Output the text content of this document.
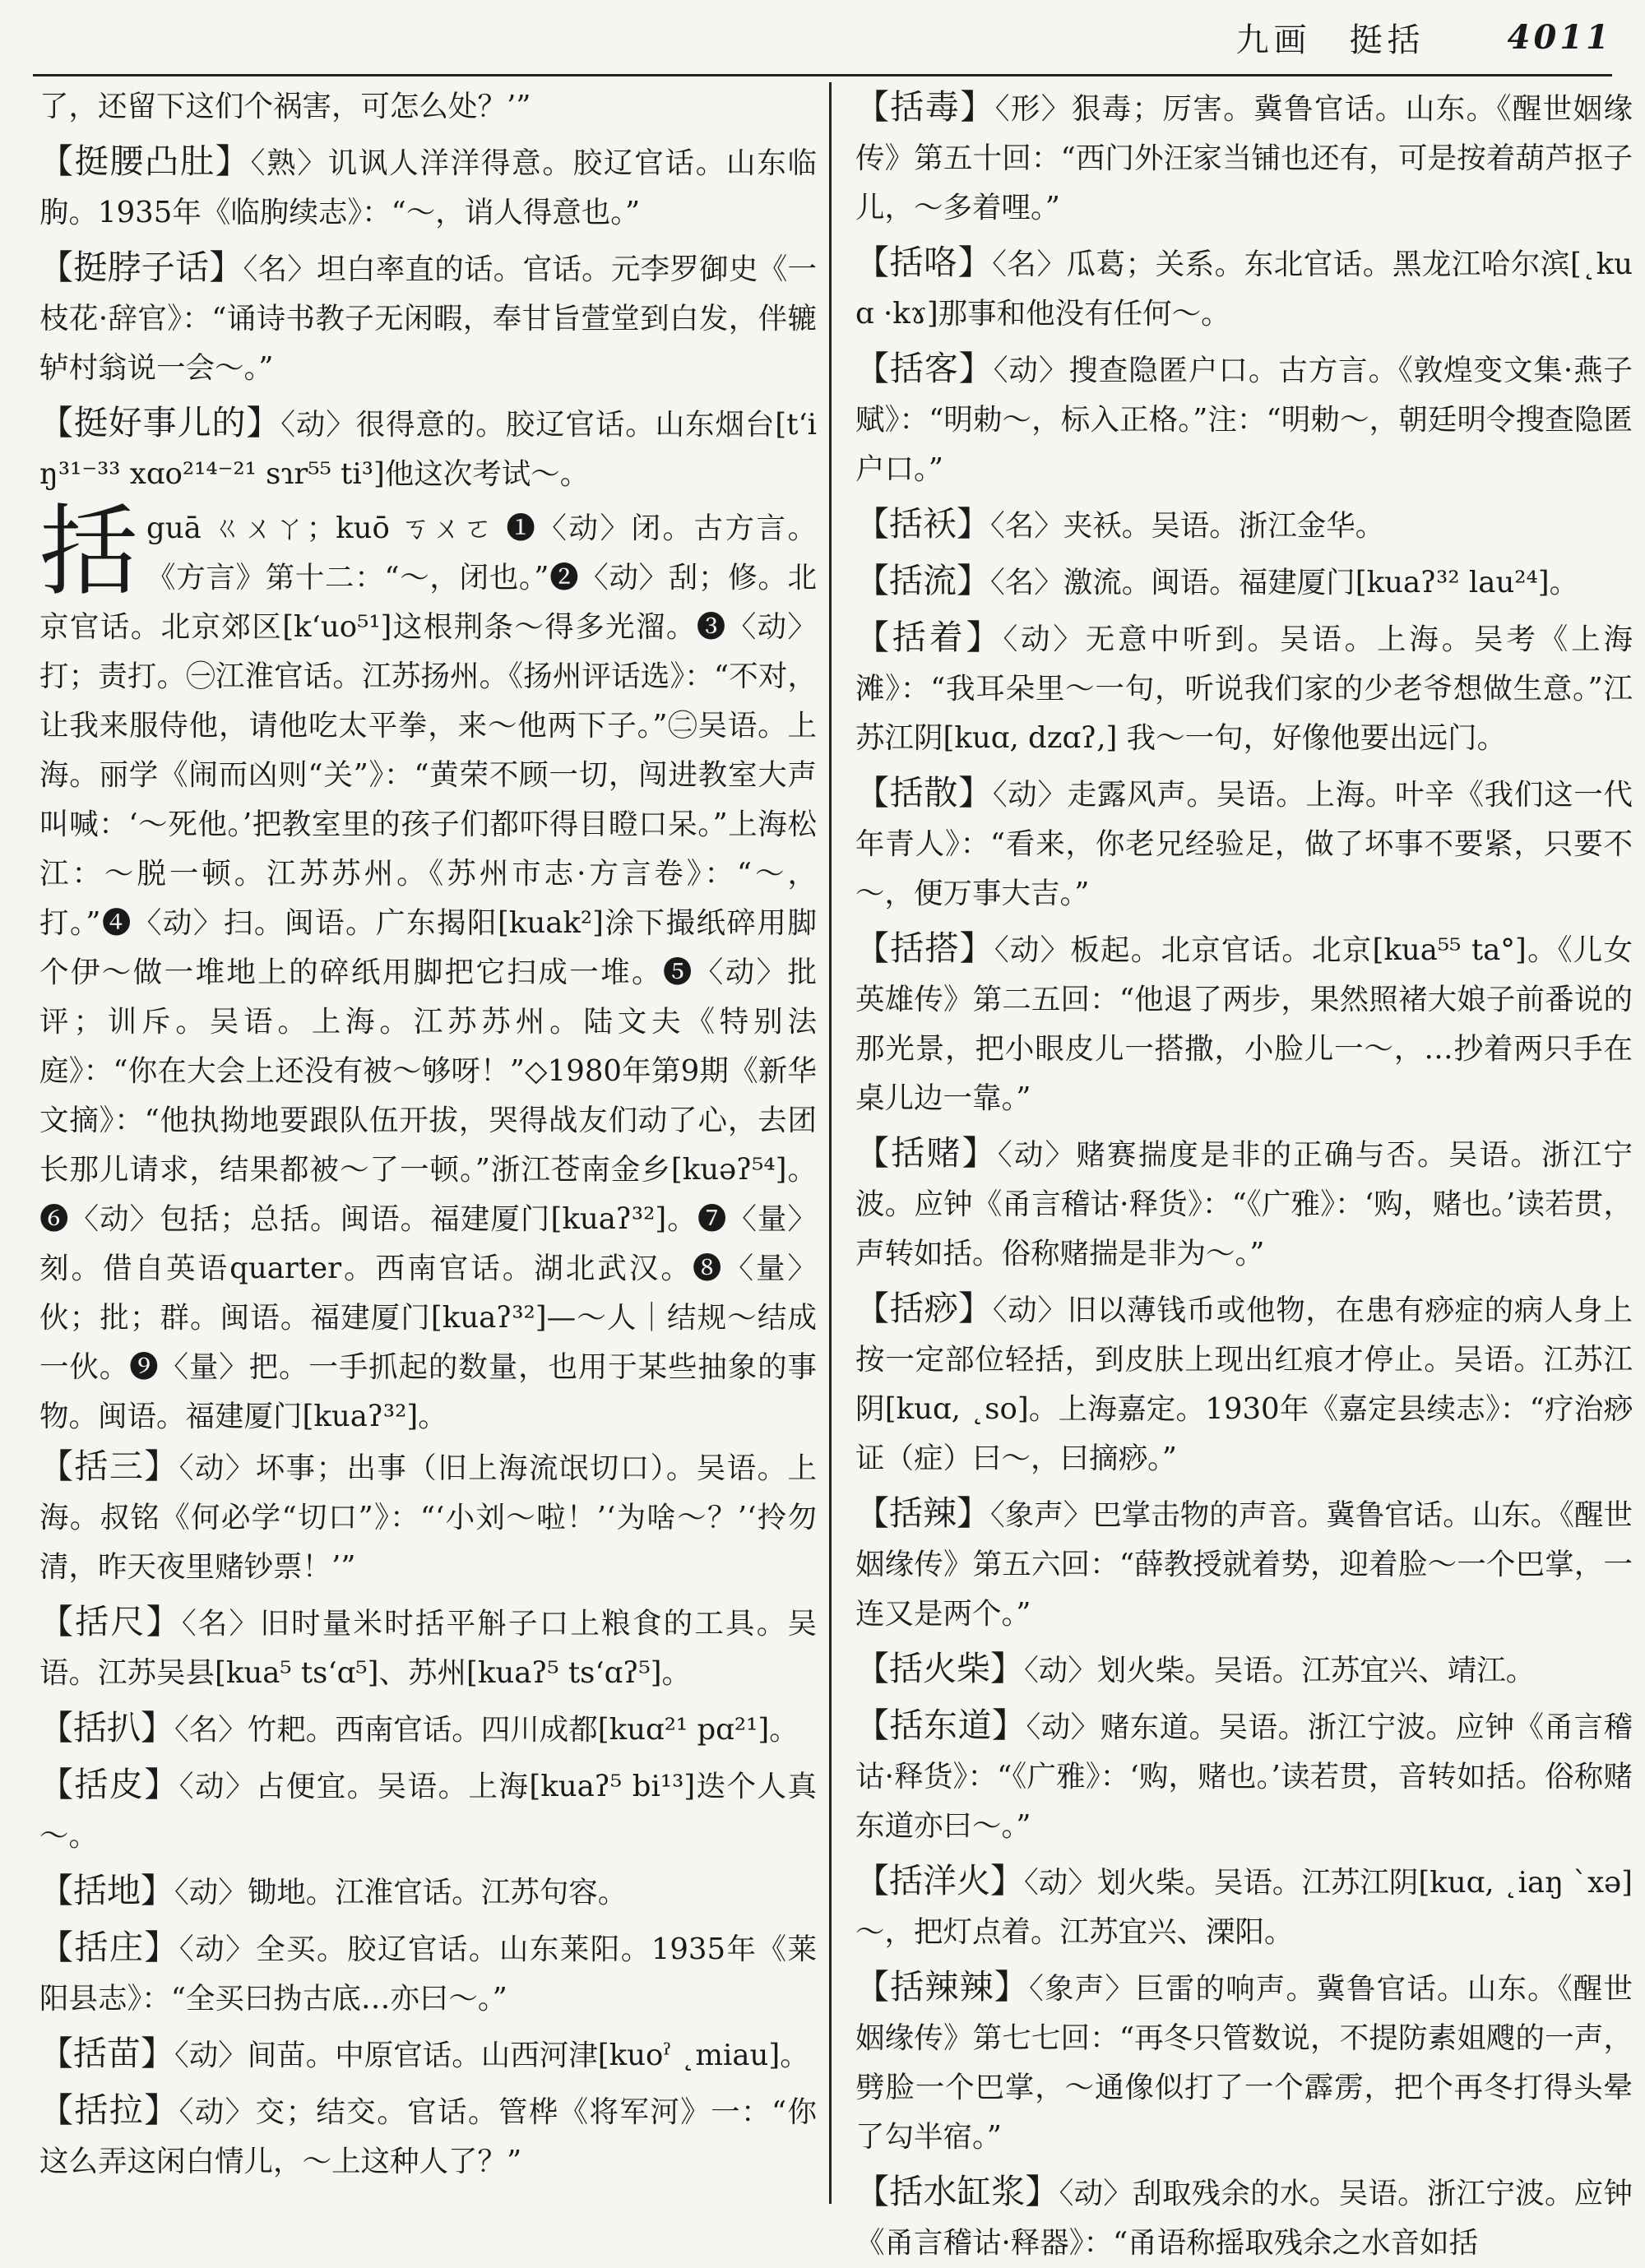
九画　挺括	4011

了，还留下这们个祸害，可怎么处？’”

【挺腰凸肚】〈熟〉讥讽人洋洋得意。胶辽官话。山东临朐。1935年《临朐续志》：“～，诮人得意也。”

【挺脖子话】〈名〉坦白率直的话。官话。元李罗御史《一枝花·辞官》：“诵诗书教子无闲暇，奉甘旨萱堂到白发，伴辘轳村翁说一会～。”

【挺好事儿的】〈动〉很得意的。胶辽官话。山东烟台[tʻiŋ³¹⁻³³ xɑo²¹⁴⁻²¹ sɿr⁵⁵ ti³]他这次考试～。

括guā ㄍㄨㄚ；kuō ㄎㄨㄛ ❶〈动〉闭。古方言。《方言》第十二：“～，闭也。”❷〈动〉刮；修。北京官话。北京郊区[kʻuo⁵¹]这根荆条～得多光溜。❸〈动〉打；责打。㊀江淮官话。江苏扬州。《扬州评话选》：“不对，让我来服侍他，请他吃太平拳，来～他两下子。”㊁吴语。上海。丽学《闹而凶则“关”》：“黄荣不顾一切，闯进教室大声叫喊：‘～死他。’把教室里的孩子们都吓得目瞪口呆。”上海松江：～脱一顿。江苏苏州。《苏州市志·方言卷》：“～，打。”❹〈动〉扫。闽语。广东揭阳[kuak²]涂下撮纸碎用脚个伊～做一堆地上的碎纸用脚把它扫成一堆。❺〈动〉批评；训斥。吴语。上海。江苏苏州。陆文夫《特别法庭》：“你在大会上还没有被～够呀！”◇1980年第9期《新华文摘》：“他执拗地要跟队伍开拔，哭得战友们动了心，去团长那儿请求，结果都被～了一顿。”浙江苍南金乡[kuəʔ⁵⁴]。❻〈动〉包括；总括。闽语。福建厦门[kuaʔ³²]。❼〈量〉刻。借自英语quarter。西南官话。湖北武汉。❽〈量〉伙；批；群。闽语。福建厦门[kuaʔ³²]—～人｜结规～结成一伙。❾〈量〉把。一手抓起的数量，也用于某些抽象的事物。闽语。福建厦门[kuaʔ³²]。

【括三】〈动〉坏事；出事（旧上海流氓切口）。吴语。上海。叔铭《何必学“切口”》：“‘小刘～啦！’‘为啥～？’‘拎勿清，昨天夜里赌钞票！’”

【括尺】〈名〉旧时量米时括平斛子口上粮食的工具。吴语。江苏吴县[kua⁵ tsʻɑ⁵]、苏州[kuaʔ⁵ tsʻɑʔ⁵]。

【括扒】〈名〉竹耙。西南官话。四川成都[kuɑ²¹ pɑ²¹]。

【括皮】〈动〉占便宜。吴语。上海[kuaʔ⁵ bi¹³]迭个人真～。

【括地】〈动〉锄地。江淮官话。江苏句容。

【括庄】〈动〉全买。胶辽官话。山东莱阳。1935年《莱阳县志》：“全买曰㧑古底…亦曰～。”

【括苗】〈动〉间苗。中原官话。山西河津[kuoˀ ˛miau]。

【括拉】〈动〉交；结交。官话。管桦《将军河》一：“你这么弄这闲白情儿，～上这种人了？”

【括毒】〈形〉狠毒；厉害。冀鲁官话。山东。《醒世姻缘传》第五十回：“西门外汪家当铺也还有，可是按着葫芦抠子儿，～多着哩。”

【括咯】〈名〉瓜葛；关系。东北官话。黑龙江哈尔滨[˛kuɑ ·kɤ]那事和他没有任何～。

【括客】〈动〉搜查隐匿户口。古方言。《敦煌变文集·燕子赋》：“明勅～，标入正格。”注：“明勅～，朝廷明令搜查隐匿户口。”

【括袄】〈名〉夹袄。吴语。浙江金华。

【括流】〈名〉激流。闽语。福建厦门[kuaʔ³² lau²⁴]。

【括着】〈动〉无意中听到。吴语。上海。吴考《上海滩》：“我耳朵里～一句，听说我们家的少老爷想做生意。”江苏江阴[kuɑ, dzɑʔ,] 我～一句，好像他要出远门。

【括散】〈动〉走露风声。吴语。上海。叶辛《我们这一代年青人》：“看来，你老兄经验足，做了坏事不要紧，只要不～，便万事大吉。”

【括搭】〈动〉板起。北京官话。北京[kua⁵⁵ ta°]。《儿女英雄传》第二五回：“他退了两步，果然照褚大娘子前番说的那光景，把小眼皮儿一搭撒，小脸儿一～，…抄着两只手在桌儿边一靠。”

【括赌】〈动〉赌赛揣度是非的正确与否。吴语。浙江宁波。应钟《甬言稽诂·释货》：“《广雅》：‘购，赌也。’读若贯，声转如括。俗称赌揣是非为～。”

【括痧】〈动〉旧以薄钱币或他物，在患有痧症的病人身上按一定部位轻括，到皮肤上现出红痕才停止。吴语。江苏江阴[kuɑ, ˛so]。上海嘉定。1930年《嘉定县续志》：“疗治痧证（症）曰～，曰摘痧。”

【括辣】〈象声〉巴掌击物的声音。冀鲁官话。山东。《醒世姻缘传》第五六回：“薛教授就着势，迎着脸～一个巴掌，一连又是两个。”

【括火柴】〈动〉划火柴。吴语。江苏宜兴、靖江。

【括东道】〈动〉赌东道。吴语。浙江宁波。应钟《甬言稽诂·释货》：“《广雅》：‘购，赌也。’读若贯，音转如括。俗称赌东道亦曰～。”

【括洋火】〈动〉划火柴。吴语。江苏江阴[kuɑ, ˛iaŋ ˋxə]～，把灯点着。江苏宜兴、溧阳。

【括辣辣】〈象声〉巨雷的响声。冀鲁官话。山东。《醒世姻缘传》第七七回：“再冬只管数说，不提防素姐飕的一声，劈脸一个巴掌，～通像似打了一个霹雳，把个再冬打得头晕了勾半宿。”

【括水缸浆】〈动〉刮取残余的水。吴语。浙江宁波。应钟《甬言稽诂·释器》：“甬语称摇取残余之水音如括
